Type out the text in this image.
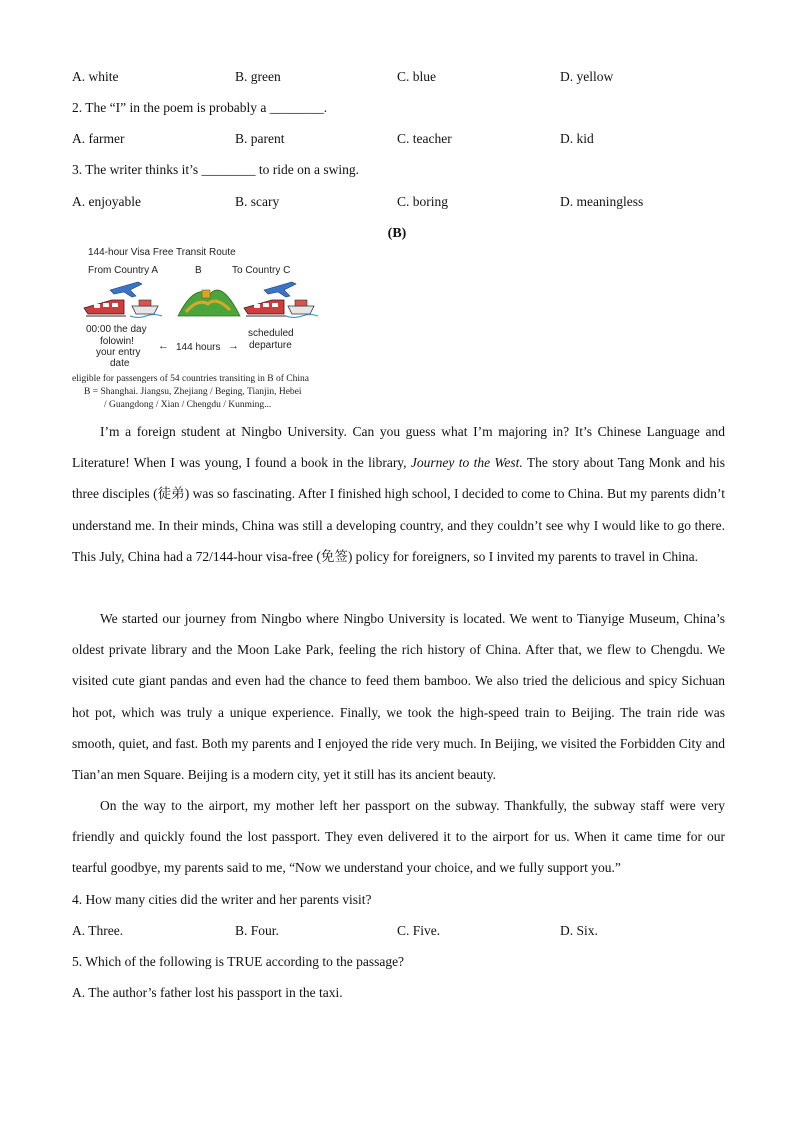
A. white	B. green	C. blue	D. yellow
2. The “I” in the poem is probably a ________.
A. farmer	B. parent	C. teacher	D. kid
3. The writer thinks it’s ________ to ride on a swing.
A. enjoyable	B. scary	C. boring	D. meaningless
(B)
144-hour Visa Free Transit Route
From Country A	B	To Country C
00:00 the day
folowin!
your entry
date
← 144 hours →
scheduled
departure
eligible for passengers of 54 countries transiting in B of China
B = Shanghai. Jiangsu, Zhejiang / Beging, Tianjin, Hebei
/ Guangdong / Xian / Chengdu / Kunming...
I’m a foreign student at Ningbo University. Can you guess what I’m majoring in? It’s Chinese Language and Literature! When I was young, I found a book in the library, Journey to the West. The story about Tang Monk and his three disciples (徒弟) was so fascinating. After I finished high school, I decided to come to China. But my parents didn’t understand me. In their minds, China was still a developing country, and they couldn’t see why I would like to go there. This July, China had a 72/144-hour visa-free (免签) policy for foreigners, so I invited my parents to travel in China.
We started our journey from Ningbo where Ningbo University is located. We went to Tianyige Museum, China’s oldest private library and the Moon Lake Park, feeling the rich history of China. After that, we flew to Chengdu. We visited cute giant pandas and even had the chance to feed them bamboo. We also tried the delicious and spicy Sichuan hot pot, which was truly a unique experience. Finally, we took the high-speed train to Beijing. The train ride was smooth, quiet, and fast. Both my parents and I enjoyed the ride very much. In Beijing, we visited the Forbidden City and Tian’an men Square. Beijing is a modern city, yet it still has its ancient beauty.
On the way to the airport, my mother left her passport on the subway. Thankfully, the subway staff were very friendly and quickly found the lost passport. They even delivered it to the airport for us. When it came time for our tearful goodbye, my parents said to me, “Now we understand your choice, and we fully support you.”
4. How many cities did the writer and her parents visit?
A. Three.	B. Four.	C. Five.	D. Six.
5. Which of the following is TRUE according to the passage?
A. The author’s father lost his passport in the taxi.
